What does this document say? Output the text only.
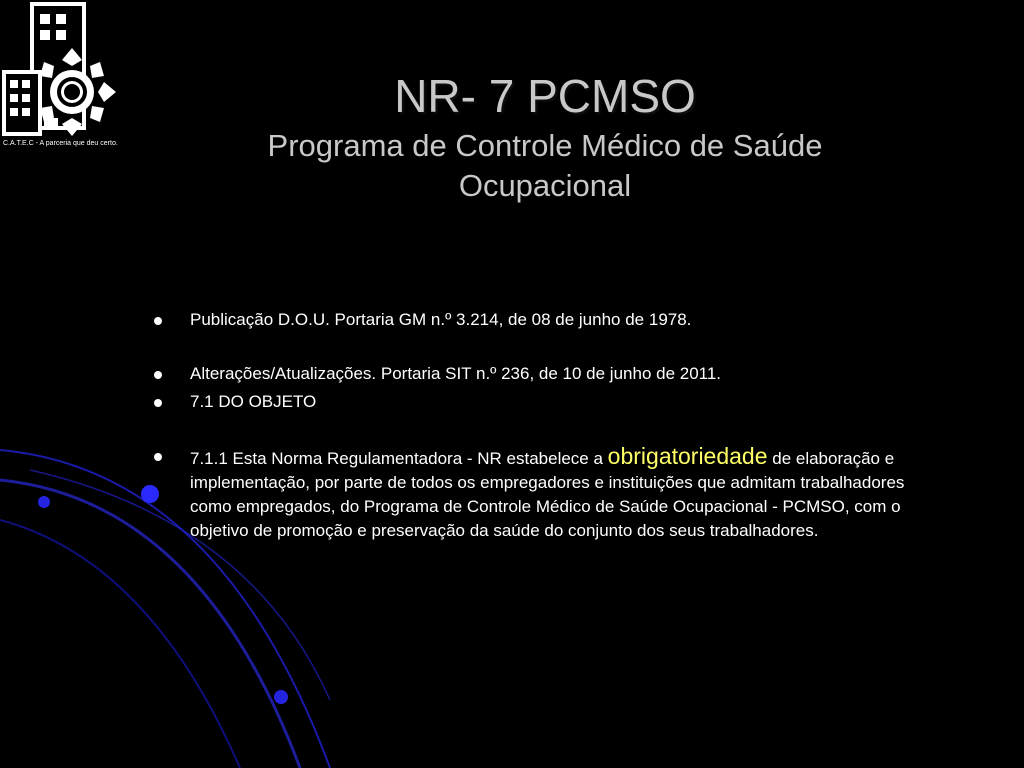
C.A.T.E.C - A parceria que deu certo.
NR- 7 PCMSO
Programa de Controle Médico de Saúde
Ocupacional
Publicação D.O.U. Portaria GM n.º 3.214, de 08 de junho de 1978.
Alterações/Atualizações. Portaria SIT n.º 236, de 10 de junho de 2011.
7.1 DO OBJETO
7.1.1 Esta Norma Regulamentadora - NR estabelece a obrigatoriedade de elaboração e implementação, por parte de todos os empregadores e instituições que admitam trabalhadores como empregados, do Programa de Controle Médico de Saúde Ocupacional - PCMSO, com o objetivo de promoção e preservação da saúde do conjunto dos seus trabalhadores.
